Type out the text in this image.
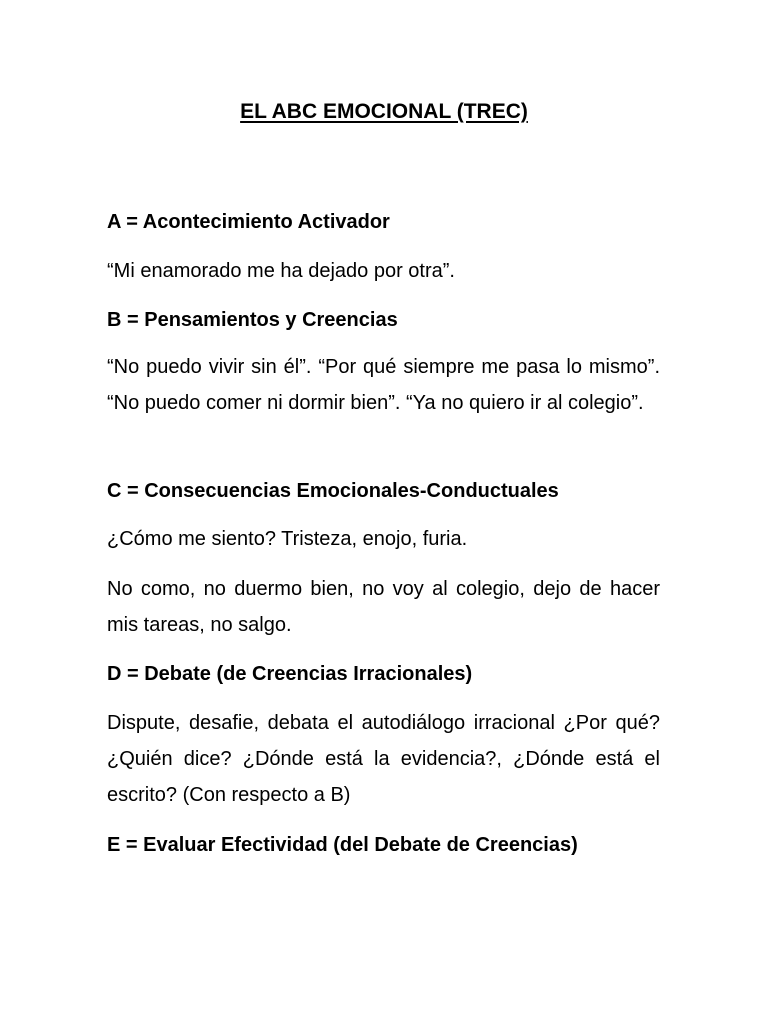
EL ABC EMOCIONAL (TREC)
A = Acontecimiento Activador
“Mi enamorado me ha dejado por otra”.
B = Pensamientos y Creencias
“No puedo vivir sin él”. “Por qué siempre me pasa lo mismo”. “No puedo comer ni dormir bien”. “Ya no quiero ir al colegio”.
C = Consecuencias Emocionales-Conductuales
¿Cómo me siento? Tristeza, enojo, furia.
No como, no duermo bien, no voy al colegio, dejo de hacer mis tareas, no salgo.
D = Debate (de Creencias Irracionales)
Dispute, desafie, debata el autodiálogo irracional ¿Por qué? ¿Quién dice? ¿Dónde está la evidencia?, ¿Dónde está el escrito? (Con respecto a B)
E = Evaluar Efectividad (del Debate de Creencias)
